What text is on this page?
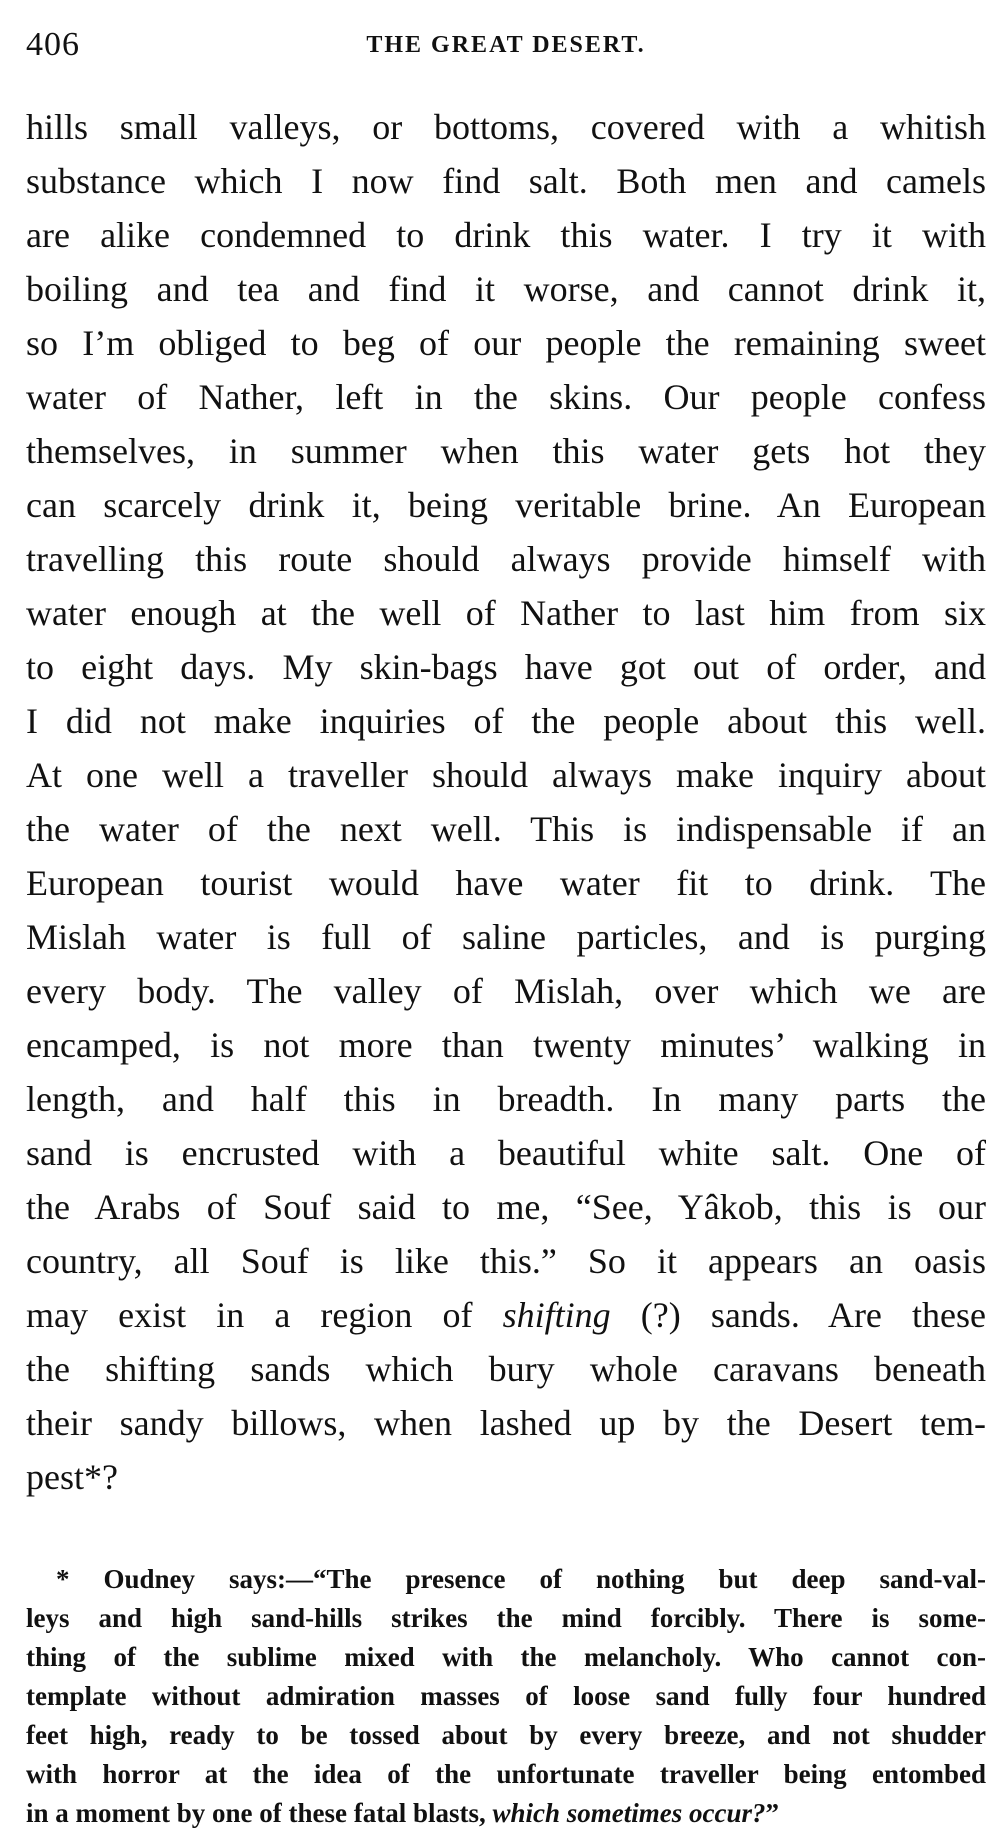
406	THE GREAT DESERT.
hills small valleys, or bottoms, covered with a whitish
substance which I now find salt. Both men and camels
are alike condemned to drink this water. I try it with
boiling and tea and find it worse, and cannot drink it,
so I’m obliged to beg of our people the remaining sweet
water of Nather, left in the skins. Our people confess
themselves, in summer when this water gets hot they
can scarcely drink it, being veritable brine. An European
travelling this route should always provide himself with
water enough at the well of Nather to last him from six
to eight days. My skin-bags have got out of order, and
I did not make inquiries of the people about this well.
At one well a traveller should always make inquiry about
the water of the next well. This is indispensable if an
European tourist would have water fit to drink. The
Mislah water is full of saline particles, and is purging
every body. The valley of Mislah, over which we are
encamped, is not more than twenty minutes’ walking in
length, and half this in breadth. In many parts the
sand is encrusted with a beautiful white salt. One of
the Arabs of Souf said to me, “See, Yâkob, this is our
country, all Souf is like this.” So it appears an oasis
may exist in a region of shifting (?) sands. Are these
the shifting sands which bury whole caravans beneath
their sandy billows, when lashed up by the Desert tem-
pest*?
* Oudney says:—“The presence of nothing but deep sand-val-
leys and high sand-hills strikes the mind forcibly. There is some-
thing of the sublime mixed with the melancholy. Who cannot con-
template without admiration masses of loose sand fully four hundred
feet high, ready to be tossed about by every breeze, and not shudder
with horror at the idea of the unfortunate traveller being entombed
in a moment by one of these fatal blasts, which sometimes occur?”
